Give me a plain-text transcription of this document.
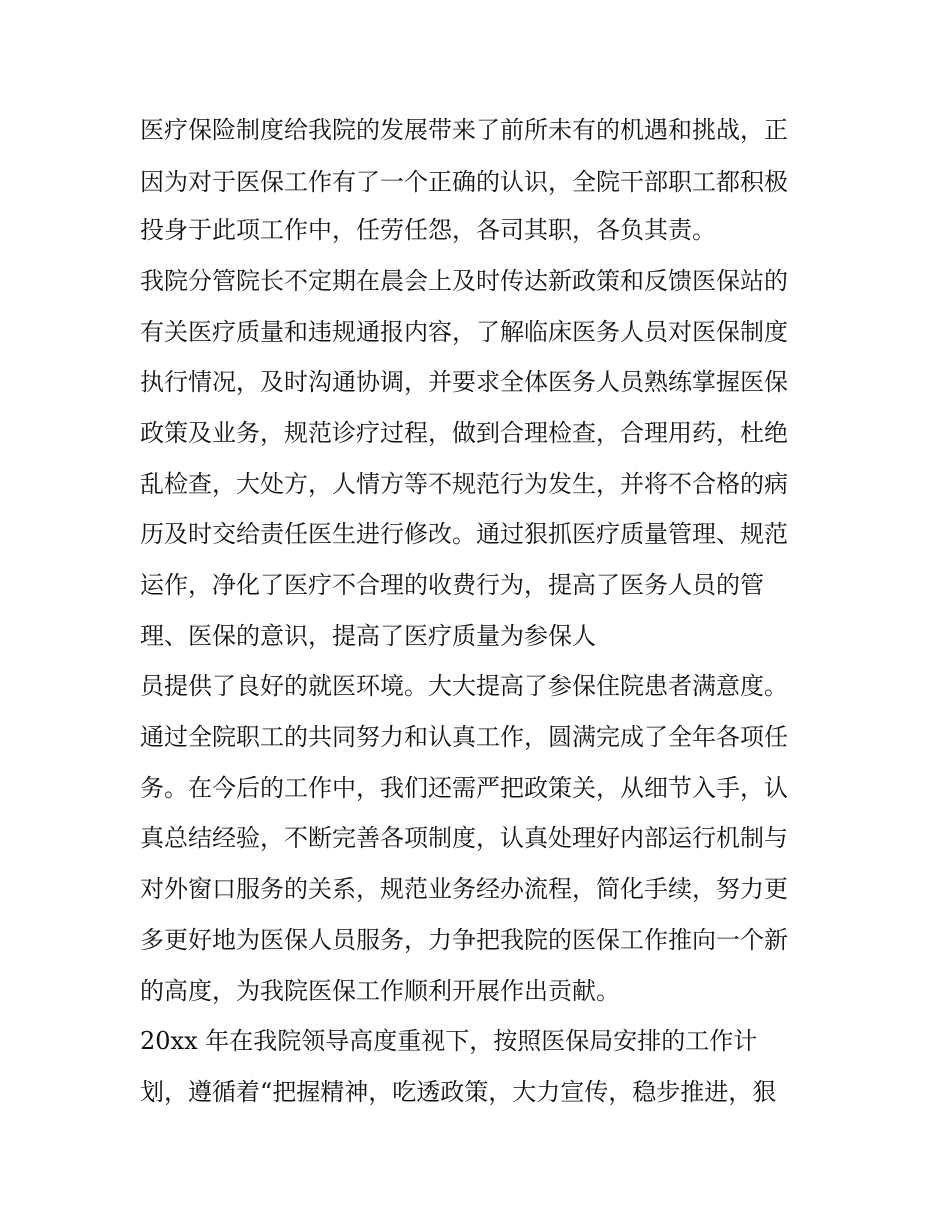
医疗保险制度给我院的发展带来了前所未有的机遇和挑战，正

因为对于医保工作有了一个正确的认识，全院干部职工都积极

投身于此项工作中，任劳任怨，各司其职，各负其责。

我院分管院长不定期在晨会上及时传达新政策和反馈医保站的

有关医疗质量和违规通报内容，了解临床医务人员对医保制度

执行情况，及时沟通协调，并要求全体医务人员熟练掌握医保

政策及业务，规范诊疗过程，做到合理检查，合理用药，杜绝

乱检查，大处方，人情方等不规范行为发生，并将不合格的病

历及时交给责任医生进行修改。通过狠抓医疗质量管理、规范

运作，净化了医疗不合理的收费行为，提高了医务人员的管

理、医保的意识，提高了医疗质量为参保人

员提供了良好的就医环境。大大提高了参保住院患者满意度。

通过全院职工的共同努力和认真工作，圆满完成了全年各项任

务。在今后的工作中，我们还需严把政策关，从细节入手，认

真总结经验，不断完善各项制度，认真处理好内部运行机制与

对外窗口服务的关系，规范业务经办流程，简化手续，努力更

多更好地为医保人员服务，力争把我院的医保工作推向一个新

的高度，为我院医保工作顺利开展作出贡献。

20xx 年在我院领导高度重视下，按照医保局安排的工作计

划，遵循着“把握精神，吃透政策，大力宣传，稳步推进，狠
